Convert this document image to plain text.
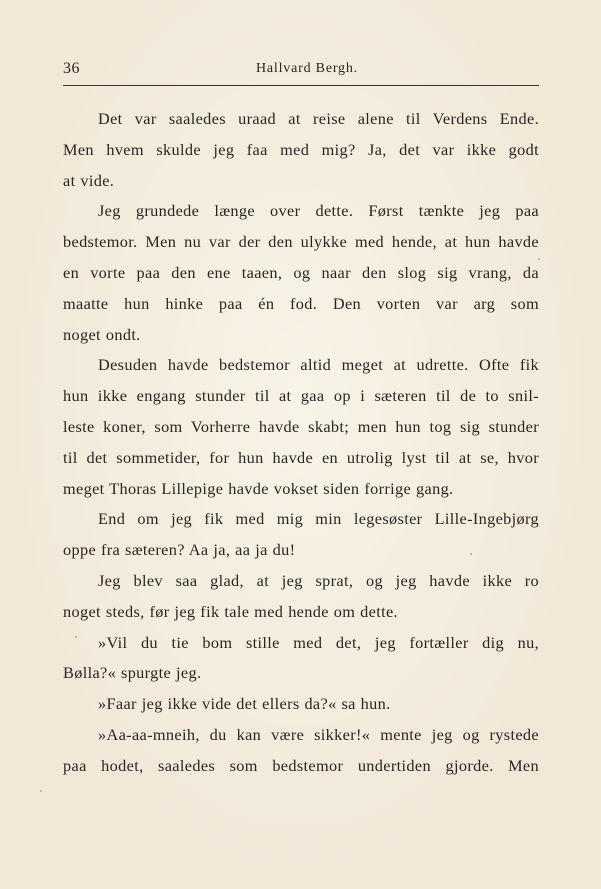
36	Hallvard Bergh.
Det var saaledes uraad at reise alene til Verdens Ende.
Men hvem skulde jeg faa med mig? Ja, det var ikke godt
at vide.
Jeg grundede længe over dette. Først tænkte jeg paa
bedstemor. Men nu var der den ulykke med hende, at hun havde
en vorte paa den ene taaen, og naar den slog sig vrang, da
maatte hun hinke paa én fod. Den vorten var arg som
noget ondt.
Desuden havde bedstemor altid meget at udrette. Ofte fik
hun ikke engang stunder til at gaa op i sæteren til de to snil-
leste koner, som Vorherre havde skabt; men hun tog sig stunder
til det sommetider, for hun havde en utrolig lyst til at se, hvor
meget Thoras Lillepige havde vokset siden forrige gang.
End om jeg fik med mig min legesøster Lille-Ingebjørg
oppe fra sæteren? Aa ja, aa ja du!
Jeg blev saa glad, at jeg sprat, og jeg havde ikke ro
noget steds, før jeg fik tale med hende om dette.
»Vil du tie bom stille med det, jeg fortæller dig nu,
Bølla?« spurgte jeg.
»Faar jeg ikke vide det ellers da?« sa hun.
»Aa-aa-mneih, du kan være sikker!« mente jeg og rystede
paa hodet, saaledes som bedstemor undertiden gjorde. Men
